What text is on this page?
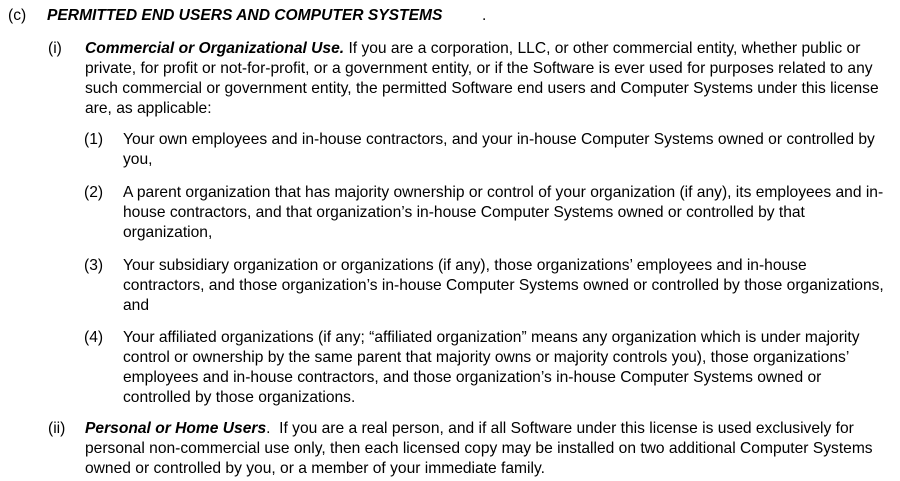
(c) PERMITTED END USERS AND COMPUTER SYSTEMS	.
(i) Commercial or Organizational Use. If you are a corporation, LLC, or other commercial entity, whether public or private, for profit or not-for-profit, or a government entity, or if the Software is ever used for purposes related to any such commercial or government entity, the permitted Software end users and Computer Systems under this license are, as applicable:

(1) Your own employees and in-house contractors, and your in-house Computer Systems owned or controlled by you,

(2) A parent organization that has majority ownership or control of your organization (if any), its employees and in-house contractors, and that organization’s in-house Computer Systems owned or controlled by that organization,

(3) Your subsidiary organization or organizations (if any), those organizations’ employees and in-house contractors, and those organization’s in-house Computer Systems owned or controlled by those organizations, and

(4) Your affiliated organizations (if any; “affiliated organization” means any organization which is under majority control or ownership by the same parent that majority owns or majority controls you), those organizations’ employees and in-house contractors, and those organization’s in-house Computer Systems owned or controlled by those organizations.

(ii) Personal or Home Users.  If you are a real person, and if all Software under this license is used exclusively for personal non-commercial use only, then each licensed copy may be installed on two additional Computer Systems owned or controlled by you, or a member of your immediate family.
